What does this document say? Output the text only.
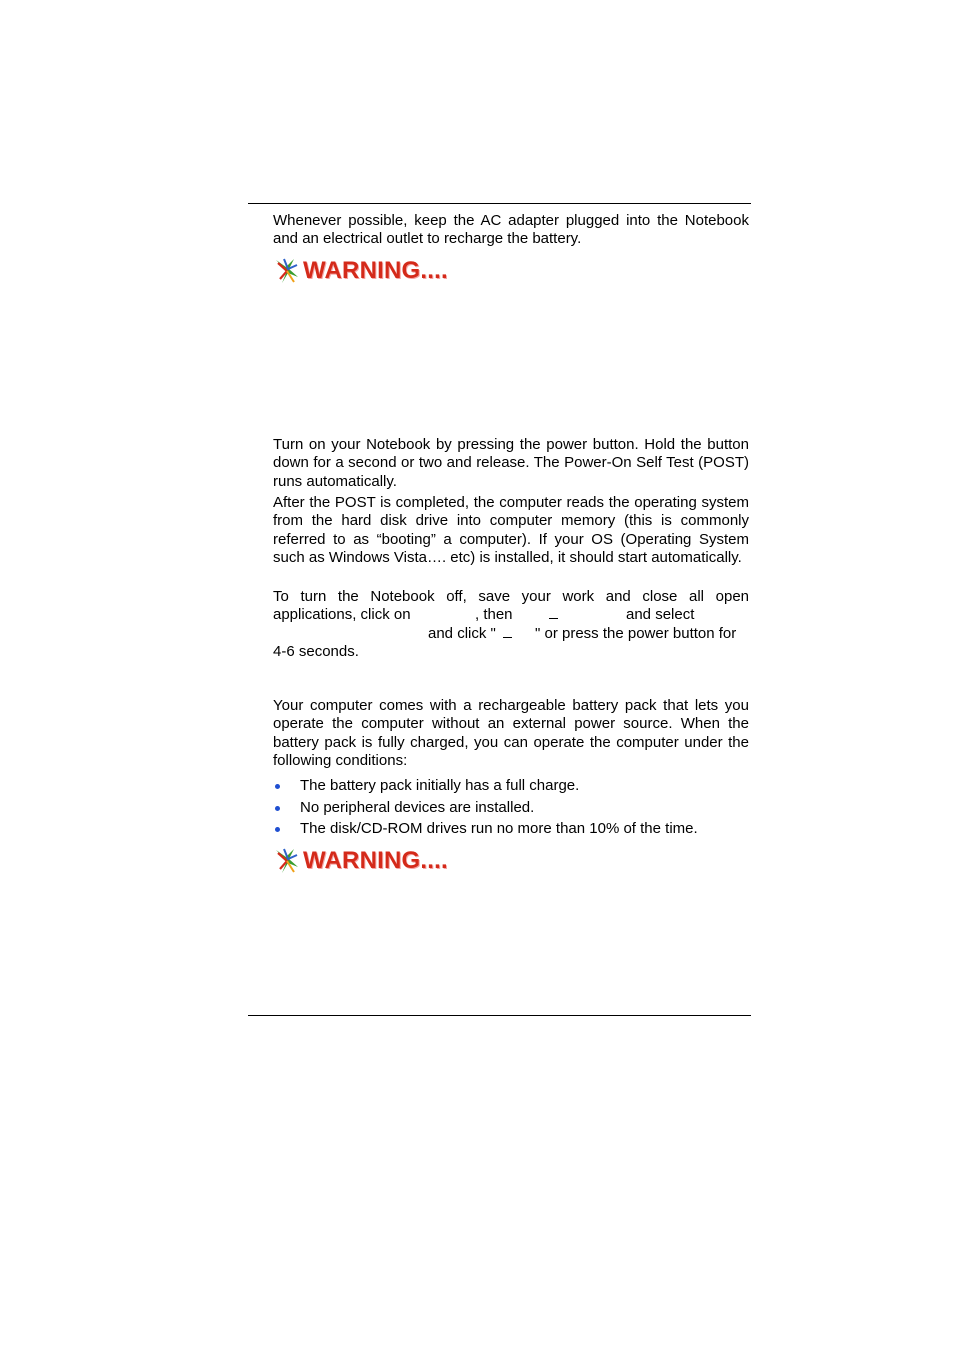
Whenever possible, keep the AC adapter plugged into the Notebook and an electrical outlet to recharge the battery.

WARNING....

Turn on your Notebook by pressing the power button. Hold the button down for a second or two and release. The Power-On Self Test (POST) runs automatically.

After the POST is completed, the computer reads the operating system from the hard disk drive into computer memory (this is commonly referred to as “booting” a computer). If your OS (Operating System such as Windows Vista…. etc) is installed, it should start automatically.

To turn the Notebook off, save your work and close all open
applications, click on	, then	and select
and click "	" or press the power button for
4-6 seconds.

Your computer comes with a rechargeable battery pack that lets you operate the computer without an external power source. When the battery pack is fully charged, you can operate the computer under the following conditions:

The battery pack initially has a full charge.
No peripheral devices are installed.
The disk/CD-ROM drives run no more than 10% of the time.
WARNING....
